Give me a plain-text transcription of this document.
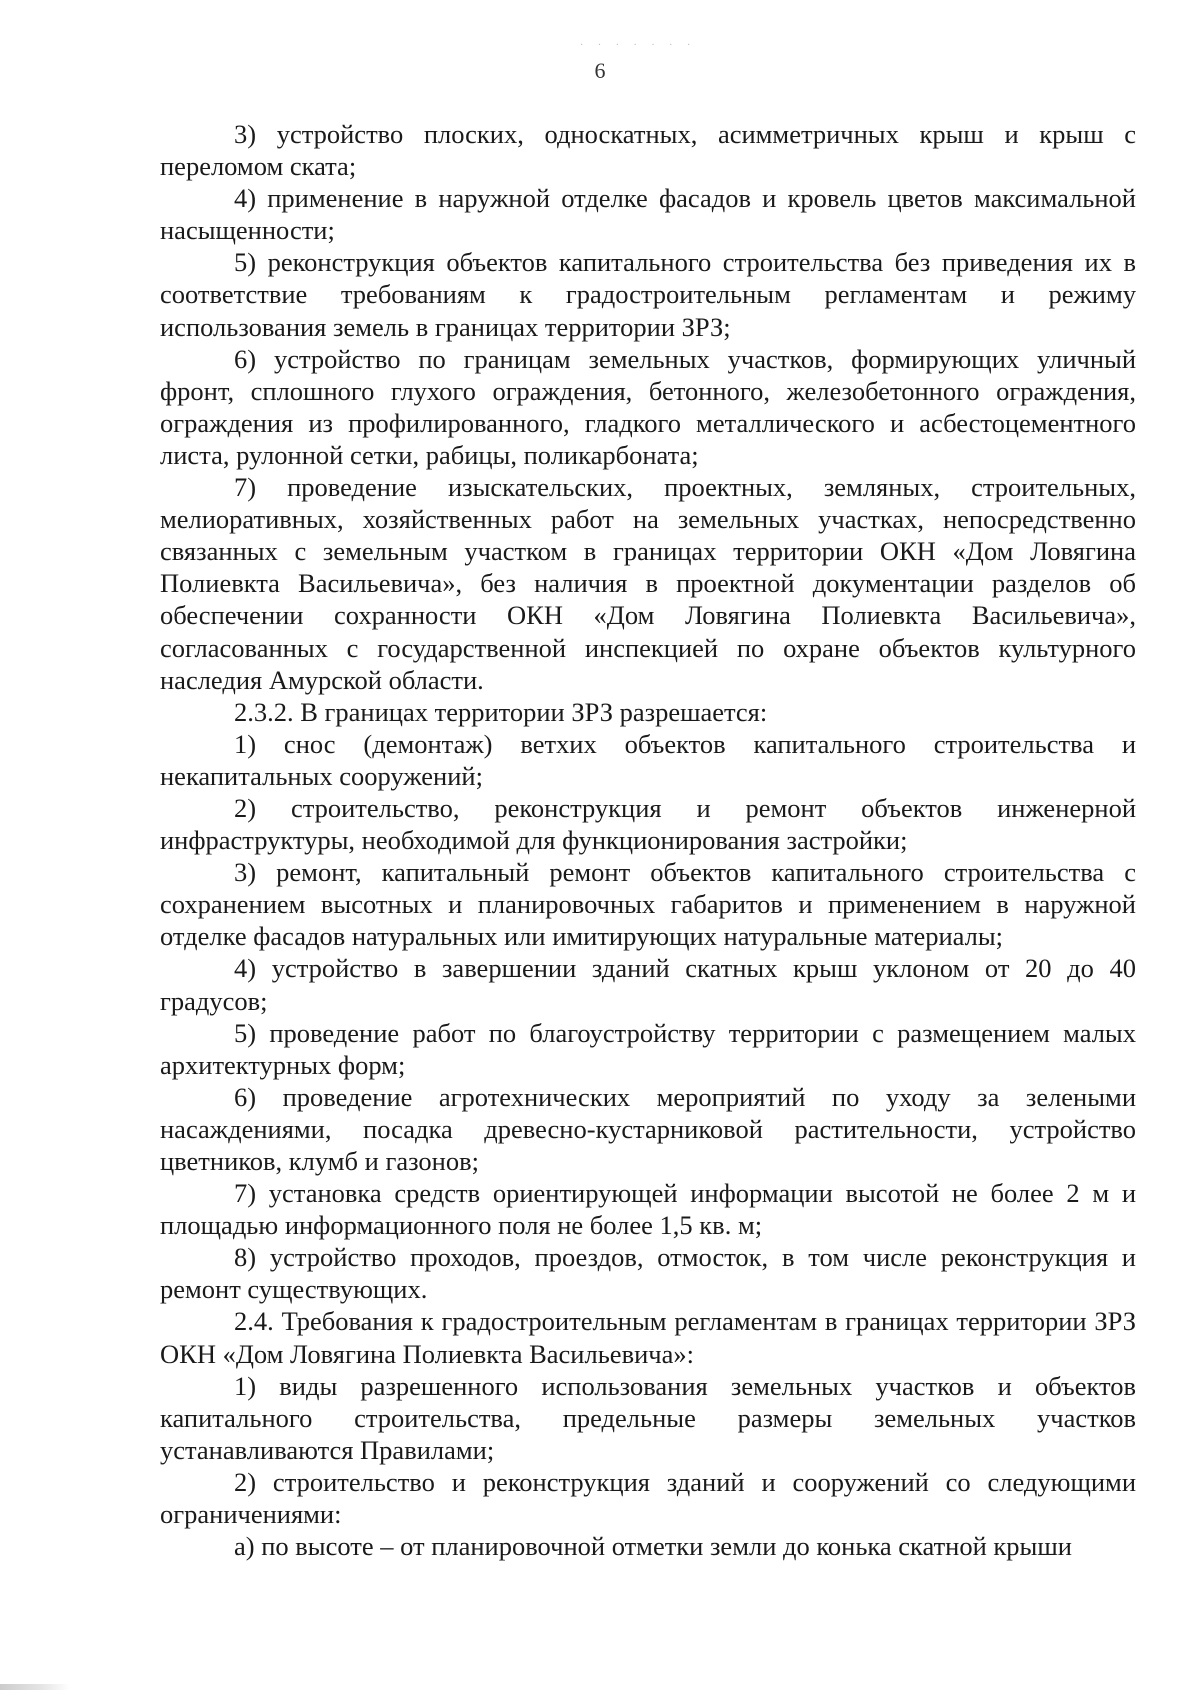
· · · · · · ·
6

3) устройство плоских, односкатных, асимметричных крыш и крыш с переломом ската;

4) применение в наружной отделке фасадов и кровель цветов максимальной насыщенности;

5) реконструкция объектов капитального строительства без приведения их в соответствие требованиям к градостроительным регламентам и режиму использования земель в границах территории ЗРЗ;

6) устройство по границам земельных участков, формирующих уличный фронт, сплошного глухого ограждения, бетонного, железобетонного ограждения, ограждения из профилированного, гладкого металлического и асбестоцементного листа, рулонной сетки, рабицы, поликарбоната;

7) проведение изыскательских, проектных, земляных, строительных, мелиоративных, хозяйственных работ на земельных участках, непосредственно связанных с земельным участком в границах территории ОКН «Дом Ловягина Полиевкта Васильевича», без наличия в проектной документации разделов об обеспечении сохранности ОКН «Дом Ловягина Полиевкта Васильевича», согласованных с государственной инспекцией по охране объектов культурного наследия Амурской области.

2.3.2. В границах территории ЗРЗ разрешается:

1) снос (демонтаж) ветхих объектов капитального строительства и некапитальных сооружений;

2) строительство, реконструкция и ремонт объектов инженерной инфраструктуры, необходимой для функционирования застройки;

3) ремонт, капитальный ремонт объектов капитального строительства с сохранением высотных и планировочных габаритов и применением в наружной отделке фасадов натуральных или имитирующих натуральные материалы;

4) устройство в завершении зданий скатных крыш уклоном от 20 до 40 градусов;

5) проведение работ по благоустройству территории с размещением малых архитектурных форм;

6) проведение агротехнических мероприятий по уходу за зелеными насаждениями, посадка древесно-кустарниковой растительности, устройство цветников, клумб и газонов;

7) установка средств ориентирующей информации высотой не более 2 м и площадью информационного поля не более 1,5 кв. м;

8) устройство проходов, проездов, отмосток, в том числе реконструкция и ремонт существующих.

2.4. Требования к градостроительным регламентам в границах территории ЗРЗ ОКН «Дом Ловягина Полиевкта Васильевича»:

1) виды разрешенного использования земельных участков и объектов капитального строительства, предельные размеры земельных участков устанавливаются Правилами;

2) строительство и реконструкция зданий и сооружений со следующими ограничениями:

а) по высоте – от планировочной отметки земли до конька скатной крыши
